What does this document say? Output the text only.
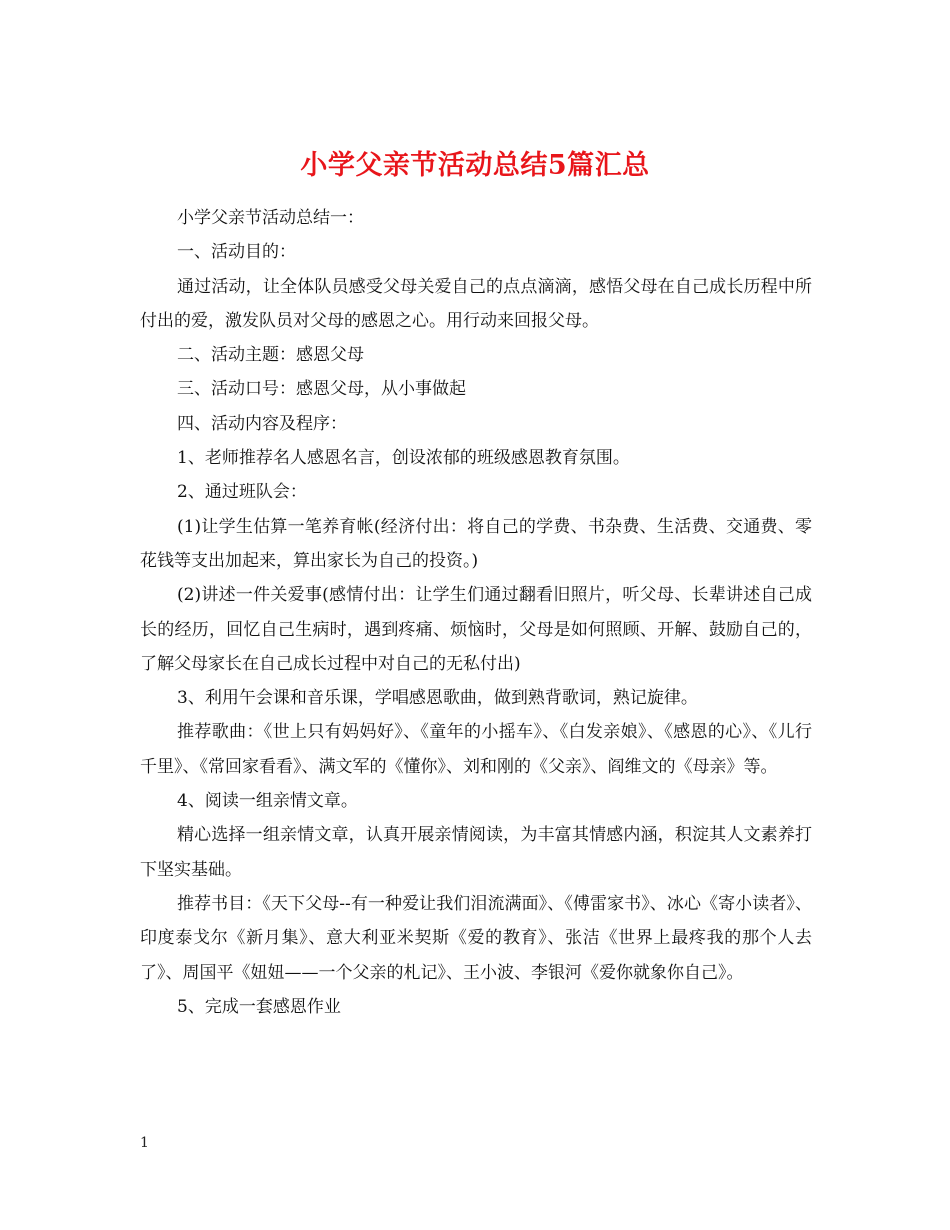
小学父亲节活动总结5篇汇总

小学父亲节活动总结一：

一、活动目的：

通过活动，让全体队员感受父母关爱自己的点点滴滴，感悟父母在自己成长历程中所付出的爱，激发队员对父母的感恩之心。用行动来回报父母。

二、活动主题：感恩父母

三、活动口号：感恩父母，从小事做起

四、活动内容及程序：

1、老师推荐名人感恩名言，创设浓郁的班级感恩教育氛围。

2、通过班队会：

(1)让学生估算一笔养育帐(经济付出：将自己的学费、书杂费、生活费、交通费、零花钱等支出加起来，算出家长为自己的投资。)

(2)讲述一件关爱事(感情付出：让学生们通过翻看旧照片，听父母、长辈讲述自己成长的经历，回忆自己生病时，遇到疼痛、烦恼时，父母是如何照顾、开解、鼓励自己的，了解父母家长在自己成长过程中对自己的无私付出)

3、利用午会课和音乐课，学唱感恩歌曲，做到熟背歌词，熟记旋律。

推荐歌曲：《世上只有妈妈好》、《童年的小摇车》、《白发亲娘》、《感恩的心》、《儿行千里》、《常回家看看》、满文军的《懂你》、刘和刚的《父亲》、阎维文的《母亲》等。

4、阅读一组亲情文章。

精心选择一组亲情文章，认真开展亲情阅读，为丰富其情感内涵，积淀其人文素养打下坚实基础。

推荐书目：《天下父母--有一种爱让我们泪流满面》、《傅雷家书》、冰心《寄小读者》、印度泰戈尔《新月集》、意大利亚米契斯《爱的教育》、张洁《世界上最疼我的那个人去了》、周国平《妞妞——一个父亲的札记》、王小波、李银河《爱你就象你自己》。

5、完成一套感恩作业

1
